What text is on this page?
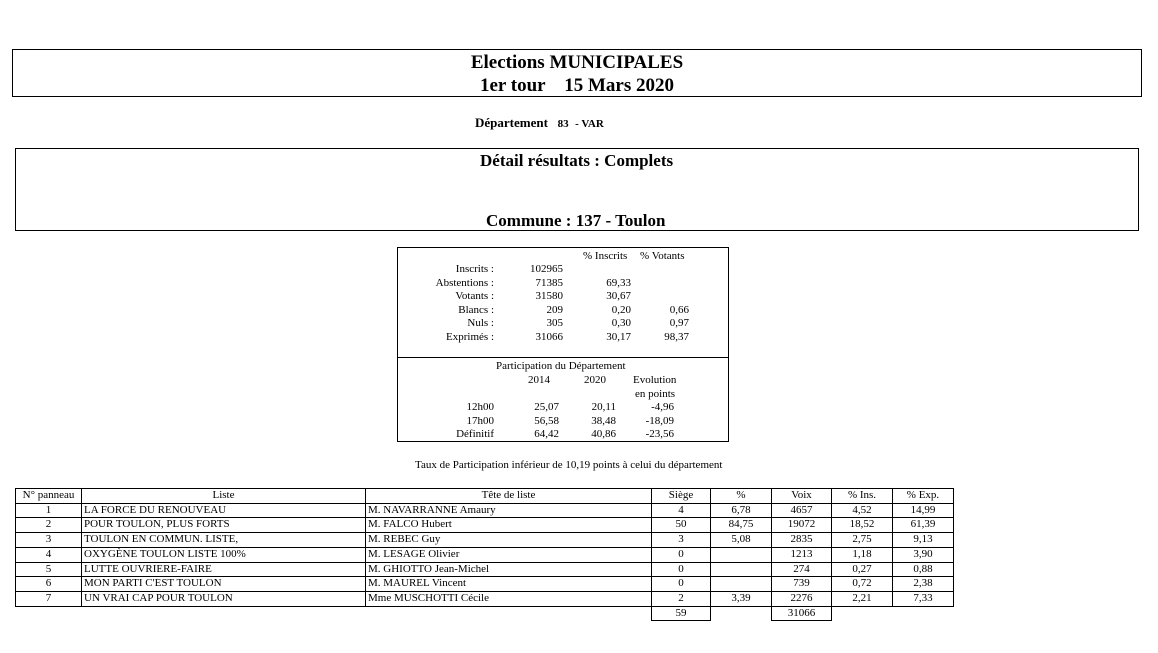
Elections MUNICIPALES
1er tour 15 Mars 2020
Département 83 - VAR
Détail résultats : Complets
Commune : 137 - Toulon
% Inscrits % Votants
Inscrits :	102965
Abstentions :	71385	69,33
Votants :	31580	30,67
Blancs :	209	0,20	0,66
Nuls :	305	0,30	0,97
Exprimés :	31066	30,17	98,37
Participation du Département
2014	2020 Evolution
en points
12h00	25,07	20,11	-4,96
17h00	56,58	38,48	-18,09
Définitif	64,42	40,86	-23,56
Taux de Participation inférieur de 10,19 points à celui du département
N° panneau	Liste	Tête de liste	Siège	%	Voix	% Ins.	% Exp.
1	LA FORCE DU RENOUVEAU	M. NAVARRANNE Amaury	4	6,78	4657	4,52	14,99
2	POUR TOULON, PLUS FORTS	M. FALCO Hubert	50	84,75	19072	18,52	61,39
3	TOULON EN COMMUN. LISTE,	M. REBEC Guy	3	5,08	2835	2,75	9,13
4	OXYGÈNE TOULON LISTE 100%	M. LESAGE Olivier	0		1213	1,18	3,90
5	LUTTE OUVRIERE-FAIRE	M. GHIOTTO Jean-Michel	0		274	0,27	0,88
6	MON PARTI C'EST TOULON	M. MAUREL Vincent	0		739	0,72	2,38
7	UN VRAI CAP POUR TOULON	Mme MUSCHOTTI Cécile	2	3,39	2276	2,21	7,33
			59		31066		
